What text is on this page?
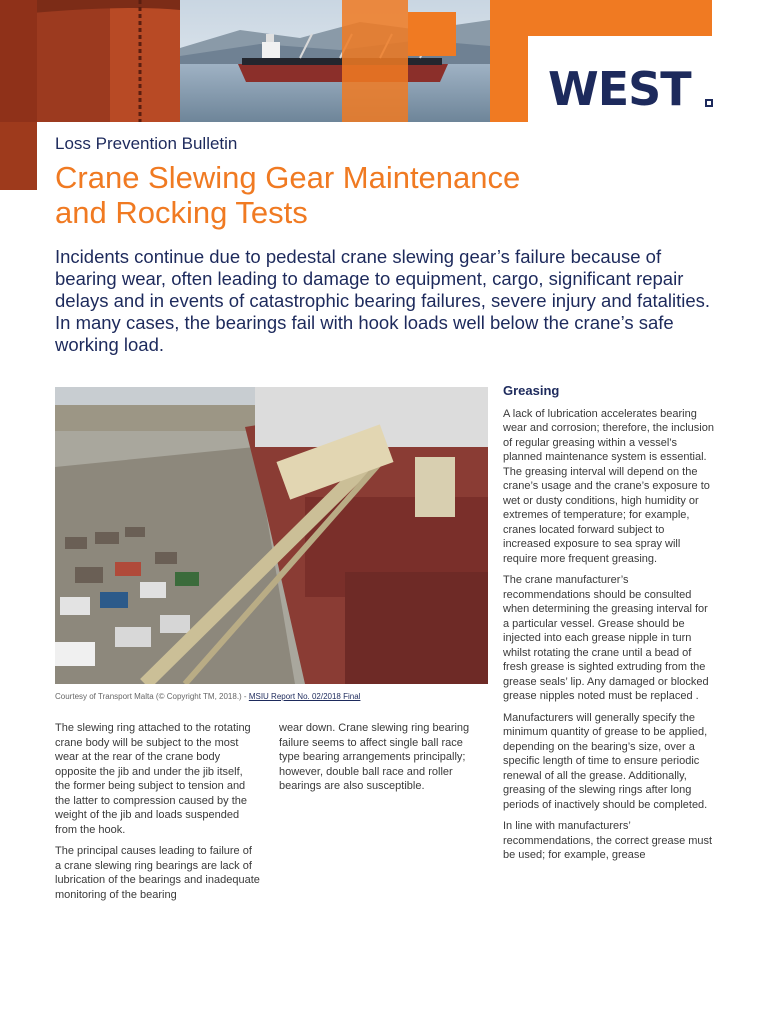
WEST
Loss Prevention Bulletin
Crane Slewing Gear Maintenance
and Rocking Tests
Incidents continue due to pedestal crane slewing gear’s failure because of bearing wear, often leading to damage to equipment, cargo, significant repair delays and in events of catastrophic bearing failures, severe injury and fatalities. In many cases, the bearings fail with hook loads well below the crane’s safe working load.
Courtesy of Transport Malta (© Copyright TM, 2018.) - MSIU Report No. 02/2018 Final

The slewing ring attached to the rotating crane body will be subject to the most wear at the rear of the crane body opposite the jib and under the jib itself, the former being subject to tension and the latter to compression caused by the weight of the jib and loads suspended from the hook.

The principal causes leading to failure of a crane slewing ring bearings are lack of lubrication of the bearings and inadequate monitoring of the bearing

wear down. Crane slewing ring bearing failure seems to affect single ball race type bearing arrangements principally; however, double ball race and roller bearings are also susceptible.

Greasing

A lack of lubrication accelerates bearing wear and corrosion; therefore, the inclusion of regular greasing within a vessel’s planned maintenance system is essential. The greasing interval will depend on the crane’s usage and the crane’s exposure to wet or dusty conditions, high humidity or extremes of temperature; for example, cranes located forward subject to increased exposure to sea spray will require more frequent greasing.

The crane manufacturer’s recommendations should be consulted when determining the greasing interval for a particular vessel. Grease should be injected into each grease nipple in turn whilst rotating the crane until a bead of fresh grease is sighted extruding from the grease seals’ lip. Any damaged or blocked grease nipples noted must be replaced .

Manufacturers will generally specify the minimum quantity of grease to be applied, depending on the bearing’s size, over a specific length of time to ensure periodic renewal of all the grease. Additionally, greasing of the slewing rings after long periods of inactively should be completed.

In line with manufacturers’ recommendations, the correct grease must be used; for example, grease
